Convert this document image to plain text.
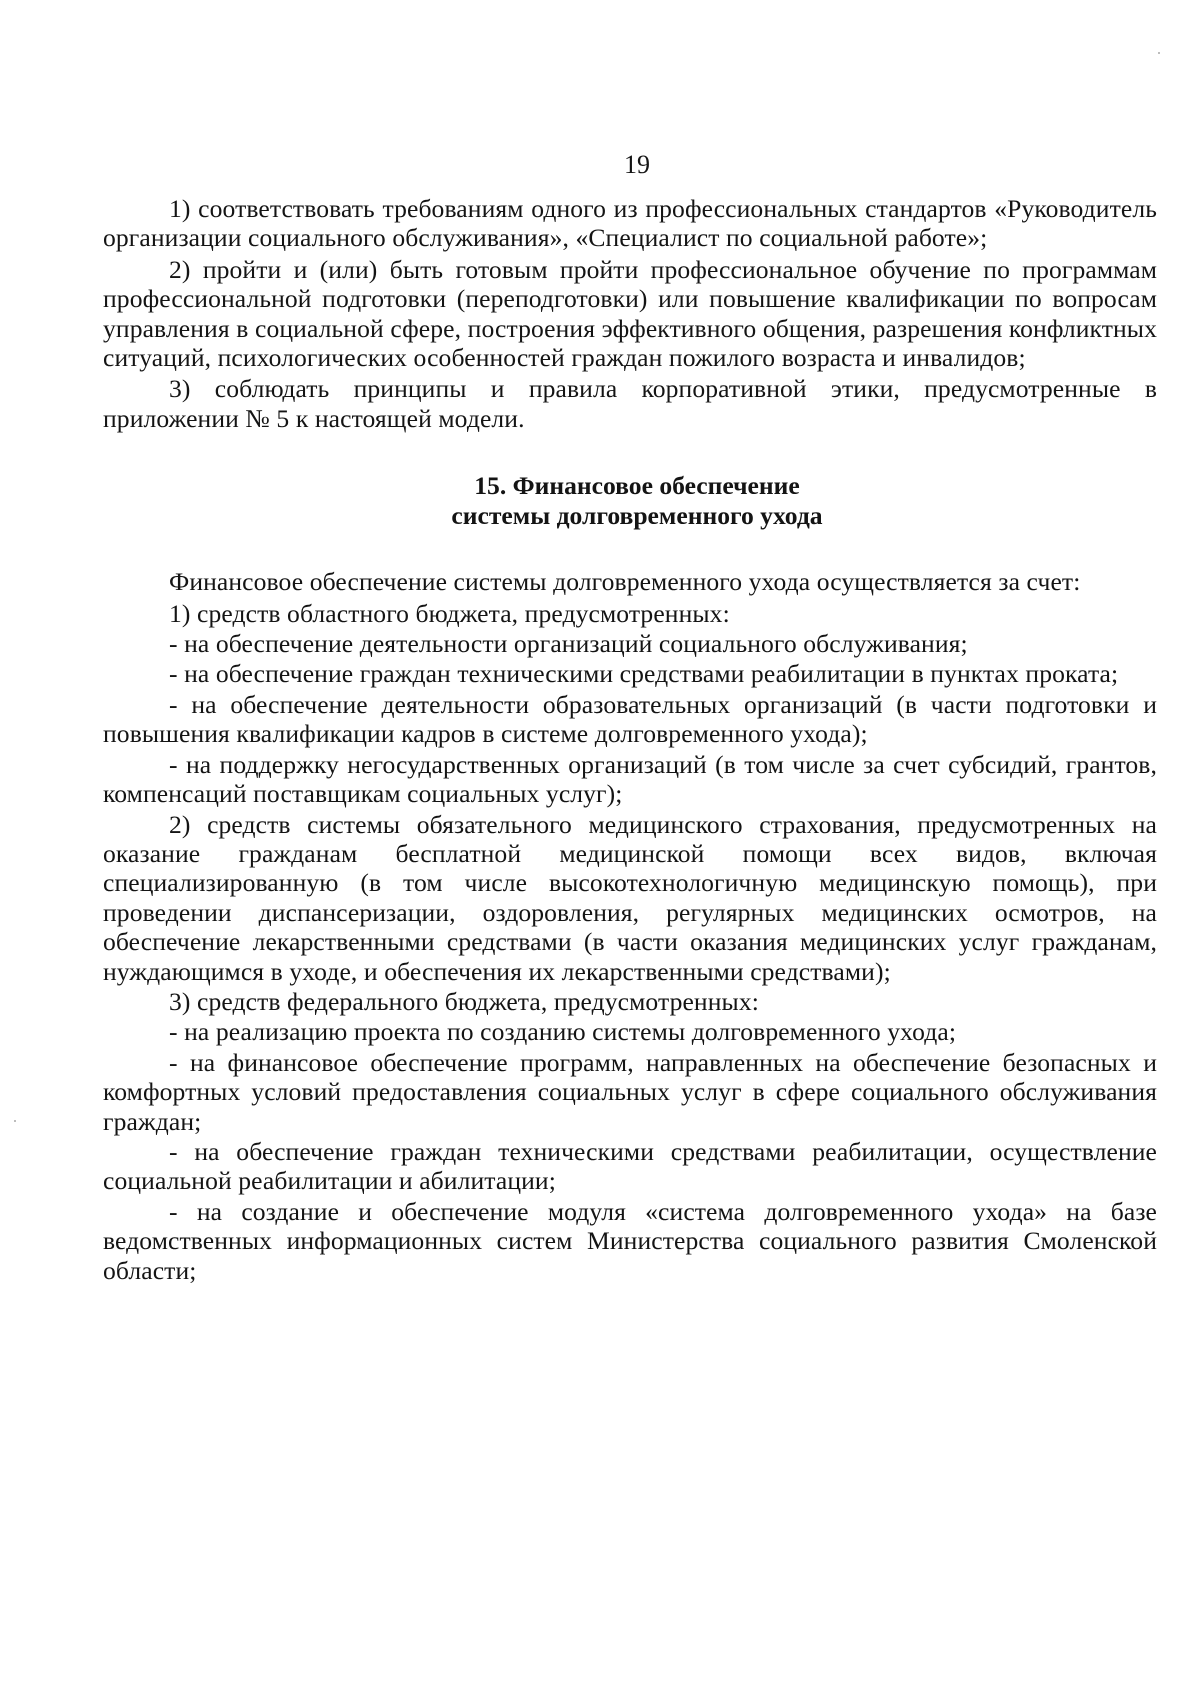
19

1) соответствовать требованиям одного из профессиональных стандартов «Руководитель организации социального обслуживания», «Специалист по социальной работе»;

2) пройти и (или) быть готовым пройти профессиональное обучение по программам профессиональной подготовки (переподготовки) или повышение квалификации по вопросам управления в социальной сфере, построения эффективного общения, разрешения конфликтных ситуаций, психологических особенностей граждан пожилого возраста и инвалидов;

3) соблюдать принципы и правила корпоративной этики, предусмотренные в приложении № 5 к настоящей модели.

15. Финансовое обеспечение
системы долговременного ухода

Финансовое обеспечение системы долговременного ухода осуществляется за счет:

1) средств областного бюджета, предусмотренных:

- на обеспечение деятельности организаций социального обслуживания;

- на обеспечение граждан техническими средствами реабилитации в пунктах проката;

- на обеспечение деятельности образовательных организаций (в части подготовки и повышения квалификации кадров в системе долговременного ухода);

- на поддержку негосударственных организаций (в том числе за счет субсидий, грантов, компенсаций поставщикам социальных услуг);

2) средств системы обязательного медицинского страхования, предусмотренных на оказание гражданам бесплатной медицинской помощи всех видов, включая специализированную (в том числе высокотехнологичную медицинскую помощь), при проведении диспансеризации, оздоровления, регулярных медицинских осмотров, на обеспечение лекарственными средствами (в части оказания медицинских услуг гражданам, нуждающимся в уходе, и обеспечения их лекарственными средствами);

3) средств федерального бюджета, предусмотренных:

- на реализацию проекта по созданию системы долговременного ухода;

- на финансовое обеспечение программ, направленных на обеспечение безопасных и комфортных условий предоставления социальных услуг в сфере социального обслуживания граждан;

- на обеспечение граждан техническими средствами реабилитации, осуществление социальной реабилитации и абилитации;

- на создание и обеспечение модуля «система долговременного ухода» на базе ведомственных информационных систем Министерства социального развития Смоленской области;
